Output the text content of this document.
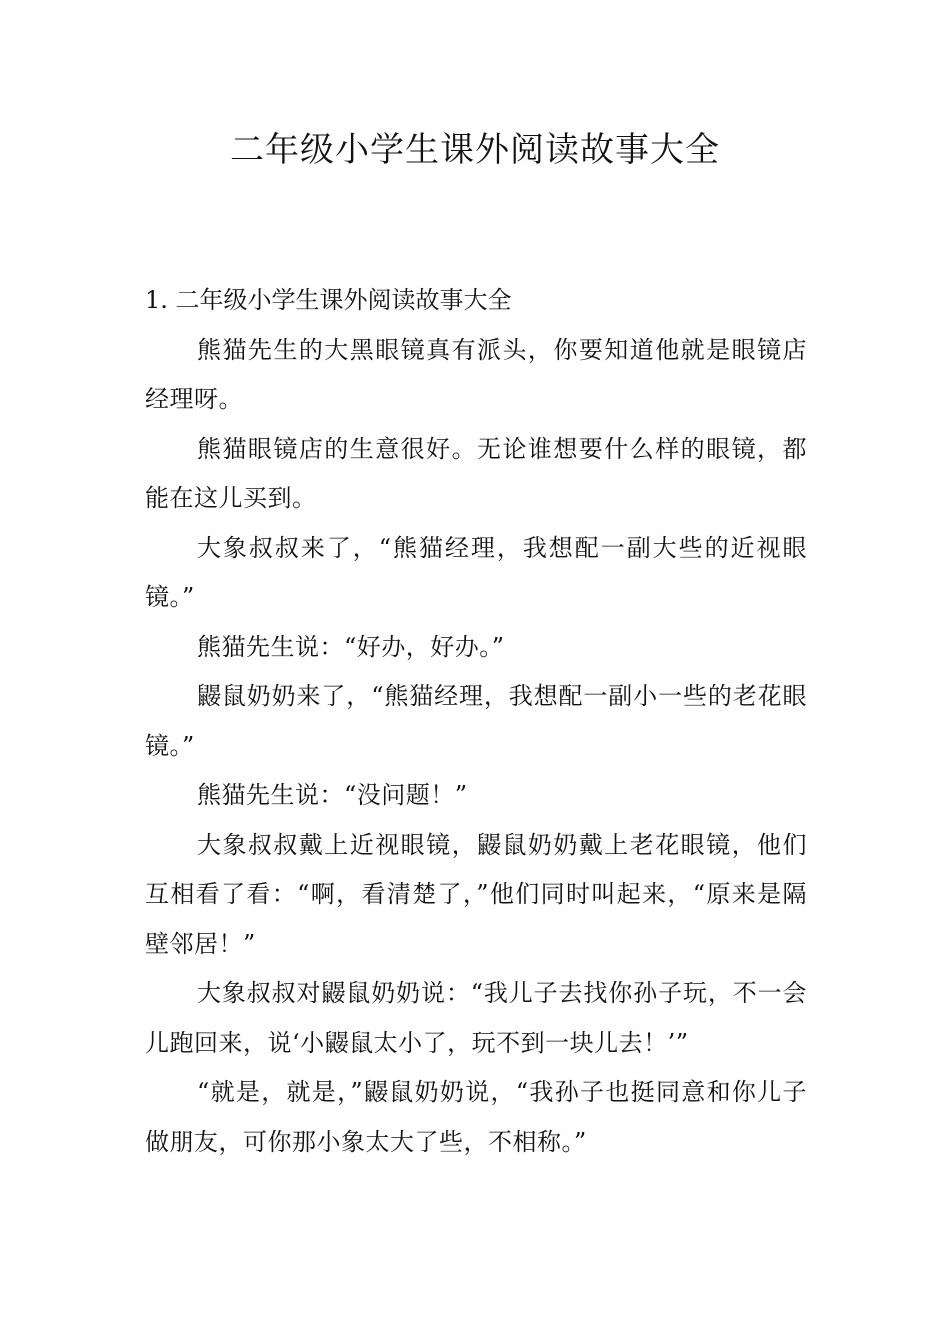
二年级小学生课外阅读故事大全
1. 二年级小学生课外阅读故事大全

熊猫先生的大黑眼镜真有派头，你要知道他就是眼镜店经理呀。

熊猫眼镜店的生意很好。无论谁想要什么样的眼镜，都能在这儿买到。

大象叔叔来了，“熊猫经理，我想配一副大些的近视眼镜。”

熊猫先生说：“好办，好办。”

鼹鼠奶奶来了，“熊猫经理，我想配一副小一些的老花眼镜。”

熊猫先生说：“没问题！”

大象叔叔戴上近视眼镜，鼹鼠奶奶戴上老花眼镜，他们互相看了看：“啊，看清楚了，”他们同时叫起来，“原来是隔壁邻居！”

大象叔叔对鼹鼠奶奶说：“我儿子去找你孙子玩，不一会儿跑回来，说‘小鼹鼠太小了，玩不到一块儿去！’”

“就是，就是，”鼹鼠奶奶说，“我孙子也挺同意和你儿子做朋友，可你那小象太大了些，不相称。”
